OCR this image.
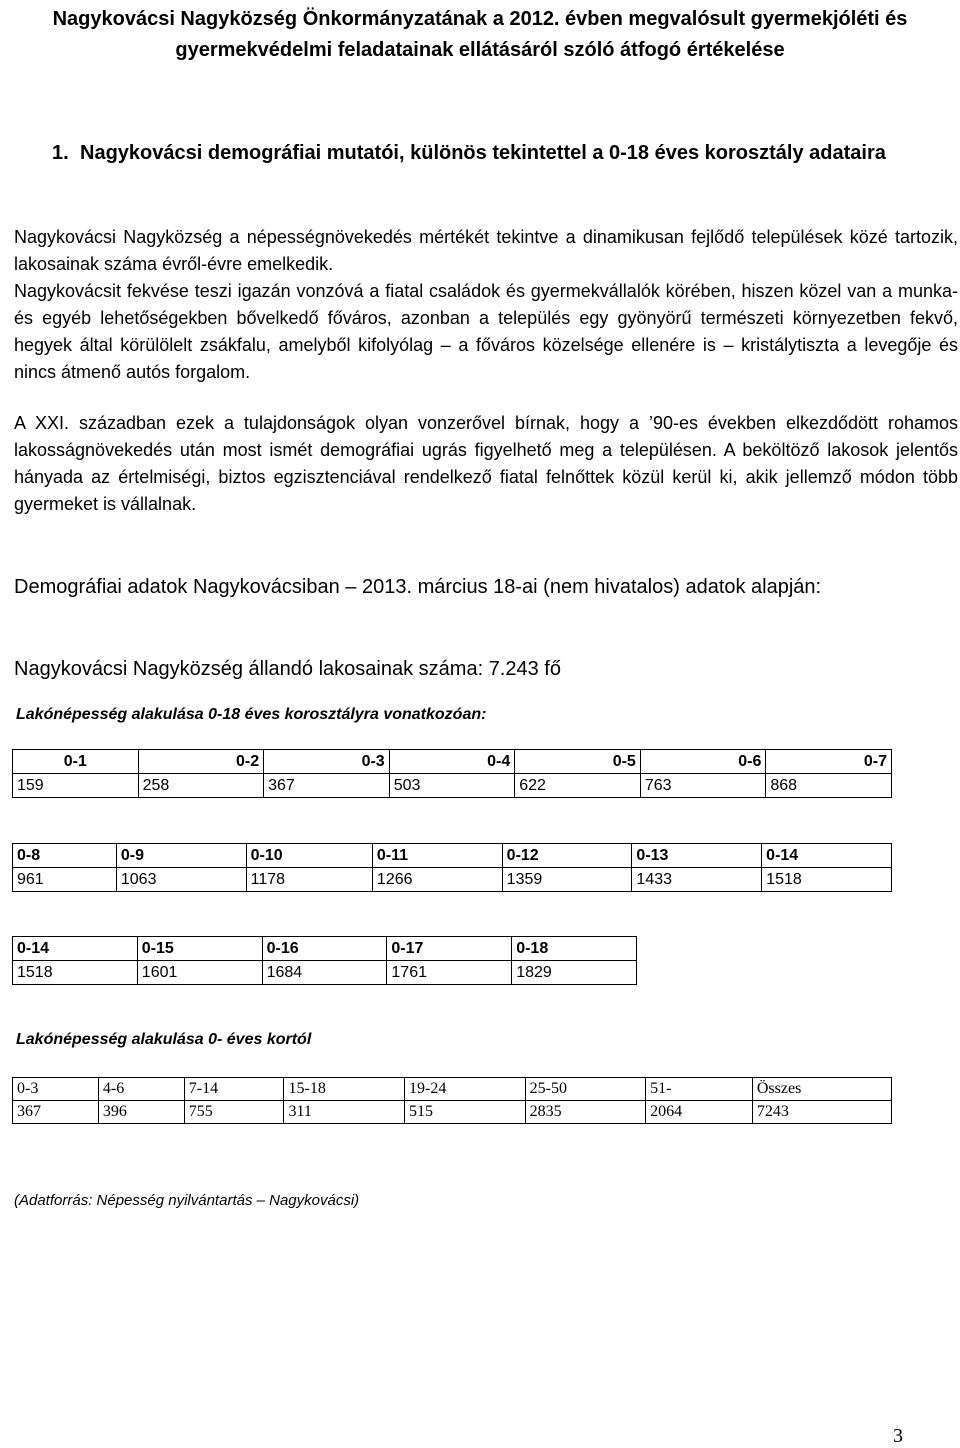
Nagykovácsi Nagyközség Önkormányzatának a 2012. évben megvalósult gyermekjóléti és gyermekvédelmi feladatainak ellátásáról szóló átfogó értékelése
1. Nagykovácsi demográfiai mutatói, különös tekintettel a 0-18 éves korosztály adataira

Nagykovácsi Nagyközség a népességnövekedés mértékét tekintve a dinamikusan fejlődő települések közé tartozik, lakosainak száma évről-évre emelkedik.

Nagykovácsit fekvése teszi igazán vonzóvá a fiatal családok és gyermekvállalók körében, hiszen közel van a munka- és egyéb lehetőségekben bővelkedő főváros, azonban a település egy gyönyörű természeti környezetben fekvő, hegyek által körülölelt zsákfalu, amelyből kifolyólag – a főváros közelsége ellenére is – kristálytiszta a levegője és nincs átmenő autós forgalom.

A XXI. században ezek a tulajdonságok olyan vonzerővel bírnak, hogy a ’90-es években elkezdődött rohamos lakosságnövekedés után most ismét demográfiai ugrás figyelhető meg a településen. A beköltöző lakosok jelentős hányada az értelmiségi, biztos egzisztenciával rendelkező fiatal felnőttek közül kerül ki, akik jellemző módon több gyermeket is vállalnak.

Demográfiai adatok Nagykovácsiban – 2013. március 18-ai (nem hivatalos) adatok alapján:

Nagykovácsi Nagyközség állandó lakosainak száma: 7.243 fő

Lakónépesség alakulása 0-18 éves korosztályra vonatkozóan:

0-1	0-2	0-3	0-4	0-5	0-6	0-7
159	258	367	503	622	763	868
0-8	0-9	0-10	0-11	0-12	0-13	0-14
961	1063	1178	1266	1359	1433	1518
0-14	0-15	0-16	0-17	0-18
1518	1601	1684	1761	1829

Lakónépesség alakulása 0- éves kortól

0-3	4-6	7-14	15-18	19-24	25-50	51-	Összes
367	396	755	311	515	2835	2064	7243

(Adatforrás: Népesség nyilvántartás – Nagykovácsi)

3
